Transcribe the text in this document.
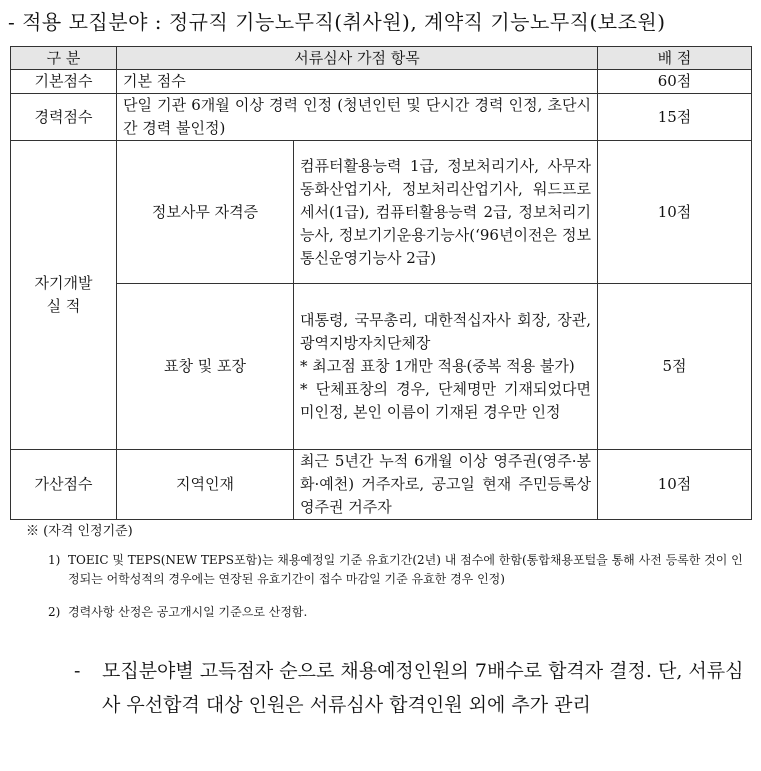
- 적용 모집분야 : 정규직 기능노무직(취사원), 계약직 기능노무직(보조원)
구 분	서류심사 가점 항목		배 점
기본점수	기본 점수		60점
경력점수	단일 기관 6개월 이상 경력 인정 (청년인턴 및 단시간 경력 인정, 초단시간 경력 불인정)		15점
자기개발
실 적	정보사무 자격증	컴퓨터활용능력 1급, 정보처리기사, 사무자동화산업기사, 정보처리산업기사, 워드프로세서(1급), 컴퓨터활용능력 2급, 정보처리기능사, 정보기기운용기능사(‘96년이전은 정보통신운영기능사 2급)	10점
	표창 및 포장	대통령, 국무총리, 대한적십자사 회장, 장관, 광역지방자치단체장
* 최고점 표창 1개만 적용(중복 적용 불가)
* 단체표창의 경우, 단체명만 기재되었다면 미인정, 본인 이름이 기재된 경우만 인정	5점
가산점수	지역인재	최근 5년간 누적 6개월 이상 영주권(영주·봉화·예천) 거주자로, 공고일 현재 주민등록상 영주권 거주자	10점
※ (자격 인정기준)
1) TOEIC 및 TEPS(NEW TEPS포함)는 채용예정일 기준 유효기간(2년) 내 점수에 한함(통합채용포털을 통해 사전 등록한 것이 인정되는 어학성적의 경우에는 연장된 유효기간이 접수 마감일 기준 유효한 경우 인정)
2) 경력사항 산정은 공고개시일 기준으로 산정함.
-	모집분야별 고득점자 순으로 채용예정인원의 7배수로 합격자 결정. 단, 서류심사 우선합격 대상 인원은 서류심사 합격인원 외에 추가 관리
